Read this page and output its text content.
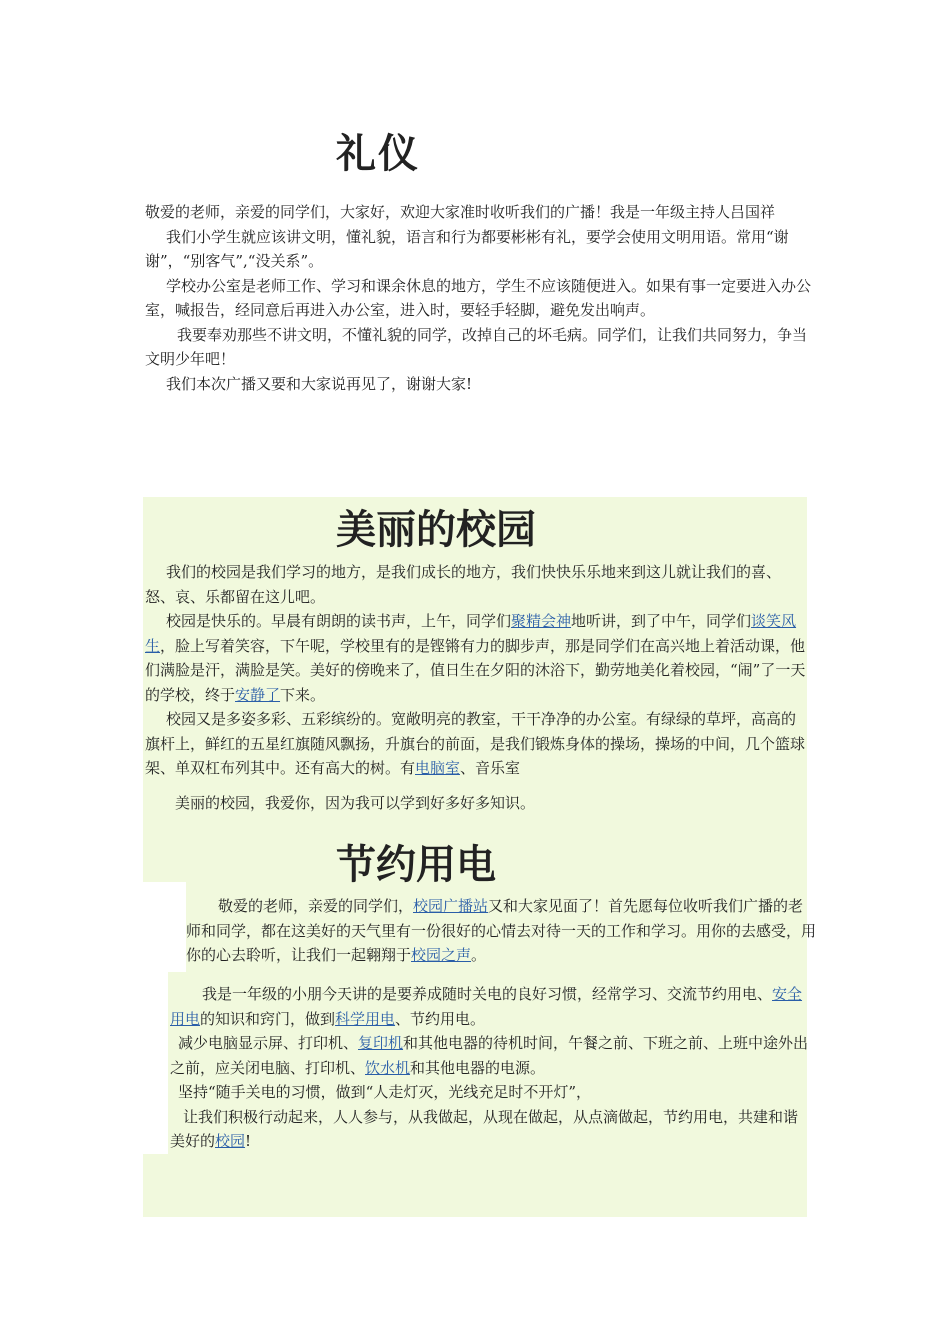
礼仪

敬爱的老师，亲爱的同学们，大家好，欢迎大家准时收听我们的广播！我是一年级主持人吕国祥

我们小学生就应该讲文明，懂礼貌，语言和行为都要彬彬有礼，要学会使用文明用语。常用“谢谢”，“别客气”,“没关系”。

学校办公室是老师工作、学习和课余休息的地方，学生不应该随便进入。如果有事一定要进入办公室，喊报告，经同意后再进入办公室，进入时，要轻手轻脚，避免发出响声。

我要奉劝那些不讲文明，不懂礼貌的同学，改掉自己的坏毛病。同学们，让我们共同努力，争当文明少年吧！

我们本次广播又要和大家说再见了，谢谢大家!

美丽的校园

我们的校园是我们学习的地方，是我们成长的地方，我们快快乐乐地来到这儿就让我们的喜、怒、哀、乐都留在这儿吧。

校园是快乐的。早晨有朗朗的读书声，上午，同学们聚精会神地听讲，到了中午，同学们谈笑风生，脸上写着笑容，下午呢，学校里有的是铿锵有力的脚步声，那是同学们在高兴地上着活动课，他们满脸是汗，满脸是笑。美好的傍晚来了，值日生在夕阳的沐浴下，勤劳地美化着校园，“闹”了一天的学校，终于安静了下来。

校园又是多姿多彩、五彩缤纷的。宽敞明亮的教室，干干净净的办公室。有绿绿的草坪，高高的旗杆上，鲜红的五星红旗随风飘扬，升旗台的前面，是我们锻炼身体的操场，操场的中间，几个篮球架、单双杠布列其中。还有高大的树。有电脑室、音乐室

美丽的校园，我爱你，因为我可以学到好多好多知识。

节约用电

敬爱的老师，亲爱的同学们，校园广播站又和大家见面了！首先愿每位收听我们广播的老师和同学，都在这美好的天气里有一份很好的心情去对待一天的工作和学习。用你的去感受，用你的心去聆听，让我们一起翱翔于校园之声。

我是一年级的小朋今天讲的是要养成随时关电的良好习惯，经常学习、交流节约用电、安全用电的知识和窍门，做到科学用电、节约用电。

减少电脑显示屏、打印机、复印机和其他电器的待机时间，午餐之前、下班之前、上班中途外出之前，应关闭电脑、打印机、饮水机和其他电器的电源。

坚持“随手关电的习惯，做到“人走灯灭，光线充足时不开灯”，

让我们积极行动起来，人人参与，从我做起，从现在做起，从点滴做起，节约用电，共建和谐美好的校园!
